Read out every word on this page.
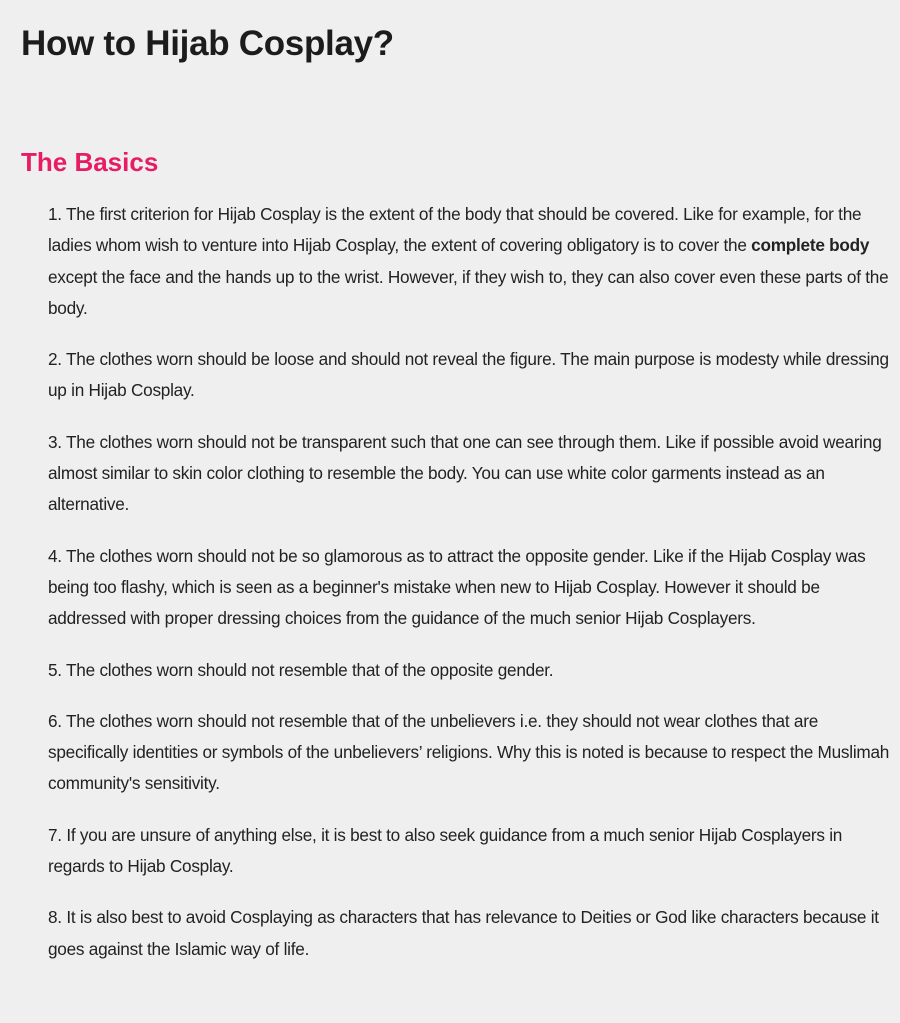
How to Hijab Cosplay?
The Basics

1. The first criterion for Hijab Cosplay is the extent of the body that should be covered. Like for example, for the ladies whom wish to venture into Hijab Cosplay, the extent of covering obligatory is to cover the complete body except the face and the hands up to the wrist. However, if they wish to, they can also cover even these parts of the body.

2. The clothes worn should be loose and should not reveal the figure. The main purpose is modesty while dressing up in Hijab Cosplay.

3. The clothes worn should not be transparent such that one can see through them. Like if possible avoid wearing almost similar to skin color clothing to resemble the body. You can use white color garments instead as an alternative.

4. The clothes worn should not be so glamorous as to attract the opposite gender. Like if the Hijab Cosplay was being too flashy, which is seen as a beginner's mistake when new to Hijab Cosplay. However it should be addressed with proper dressing choices from the guidance of the much senior Hijab Cosplayers.

5. The clothes worn should not resemble that of the opposite gender.

6. The clothes worn should not resemble that of the unbelievers i.e. they should not wear clothes that are specifically identities or symbols of the unbelievers’ religions. Why this is noted is because to respect the Muslimah community's sensitivity.

7. If you are unsure of anything else, it is best to also seek guidance from a much senior Hijab Cosplayers in regards to Hijab Cosplay.

8. It is also best to avoid Cosplaying as characters that has relevance to Deities or God like characters because it goes against the Islamic way of life.
